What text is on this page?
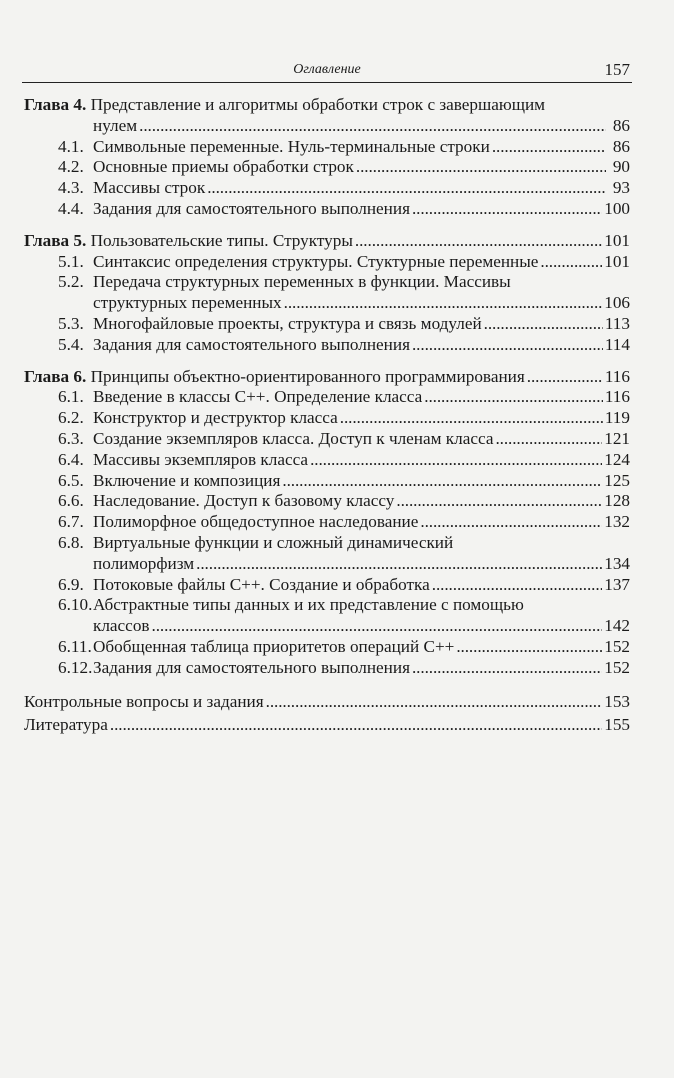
Оглавление	157
Глава 4. Представление и алгоритмы обработки строк с завершающим
нулем . . .	86
4.1. Символьные переменные. Нуль-терминальные строки . . .	86
4.2. Основные приемы обработки строк . . .	90
4.3. Массивы строк . . .	93
4.4. Задания для самостоятельного выполнения . . .	100
Глава 5. Пользовательские типы. Структуры . . .	101
5.1. Синтаксис определения структуры. Стуктурные переменные . . .	101
5.2. Передача структурных переменных в функции. Массивы
структурных переменных . . .	106
5.3. Многофайловые проекты, структура и связь модулей . . .	113
5.4. Задания для самостоятельного выполнения . . .	114
Глава 6. Принципы объектно-ориентированного программирования . . .	116
6.1. Введение в классы C++. Определение класса . . .	116
6.2. Конструктор и деструктор класса . . .	119
6.3. Создание экземпляров класса. Доступ к членам класса . . .	121
6.4. Массивы экземпляров класса . . .	124
6.5. Включение и композиция . . .	125
6.6. Наследование. Доступ к базовому классу . . .	128
6.7. Полиморфное общедоступное наследование . . .	132
6.8. Виртуальные функции и сложный динамический
полиморфизм . . .	134
6.9. Потоковые файлы C++. Создание и обработка . . .	137
6.10. Абстрактные типы данных и их представление с помощью
классов . . .	142
6.11. Обобщенная таблица приоритетов операций C++ . . .	152
6.12. Задания для самостоятельного выполнения . . .	152
Контрольные вопросы и задания . . .	153
Литература . . .	155
